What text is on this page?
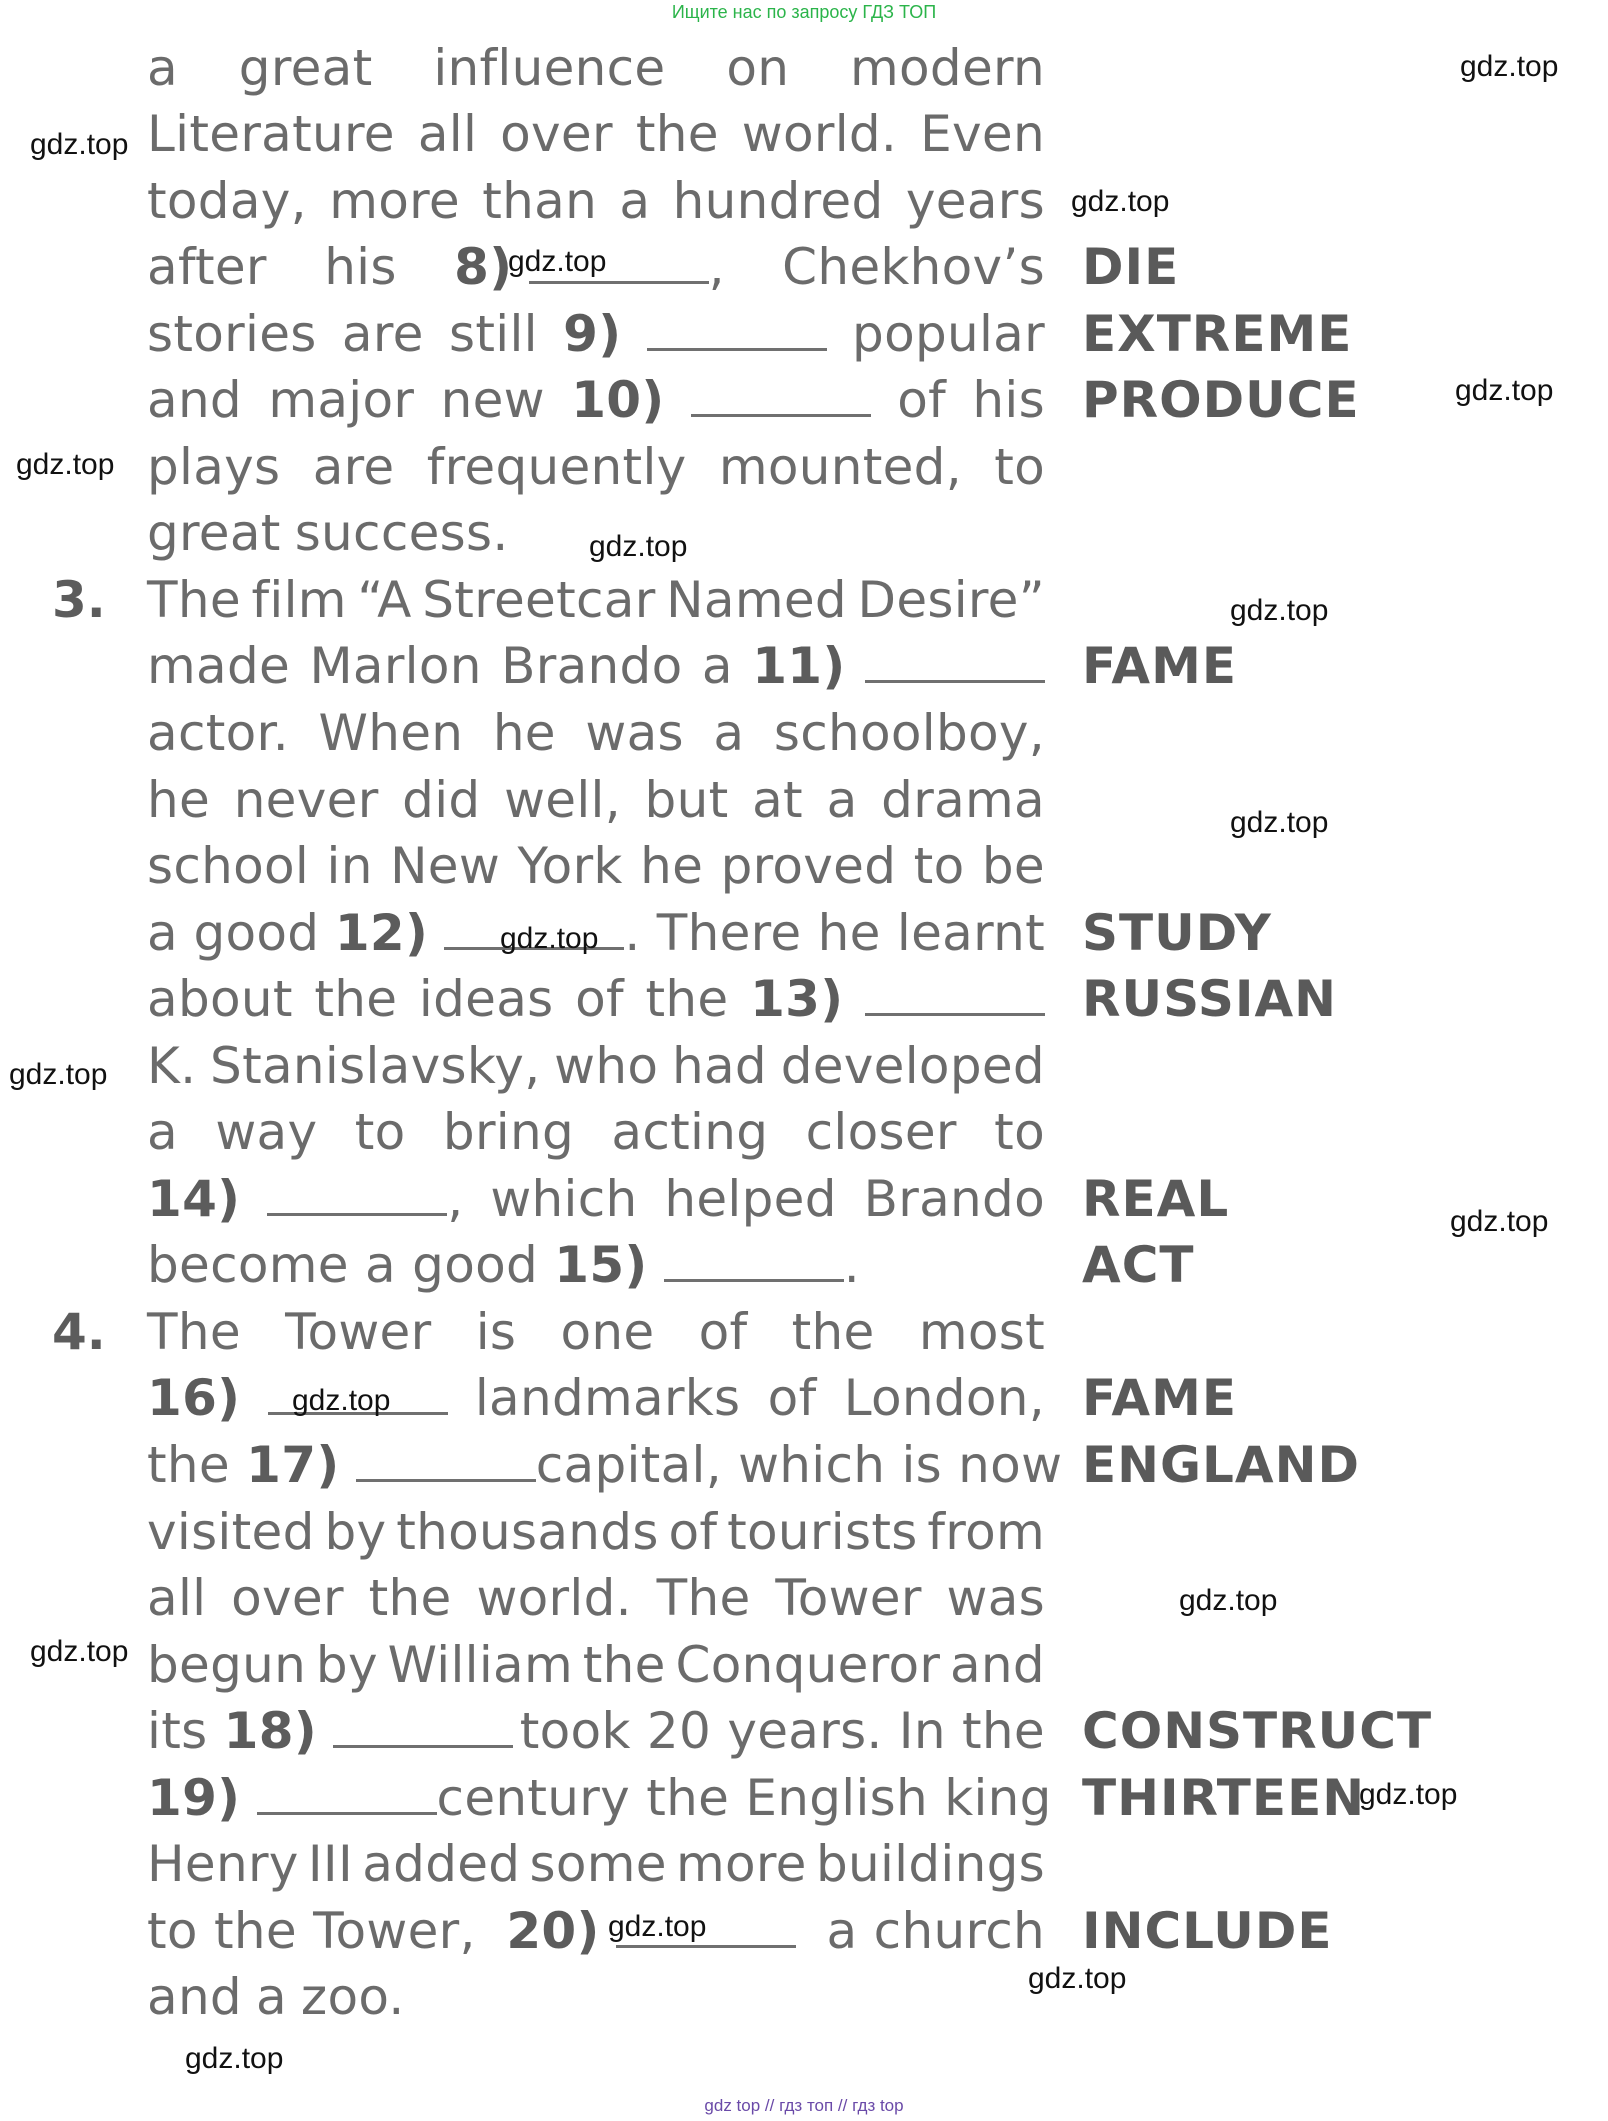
Ищите нас по запросу ГДЗ ТОП
a great influence on modern
Literature all over the world. Even
today, more than a hundred years
after his 8)	, Chekhov’s
stories are still 9)	popular
and major new 10)	of his
plays are frequently mounted, to
great success.
3. The film “A Streetcar Named Desire”
made Marlon Brando a 11)
actor. When he was a schoolboy,
he never did well, but at a drama
school in New York he proved to be
a good 12)	. There he learnt
about the ideas of the 13)
K. Stanislavsky, who had developed
a way to bring acting closer to
14)	, which helped Brando
become a good 15)	.
4. The Tower is one of the most
16)	landmarks of London,
the 17)	capital, which is now
visited by thousands of tourists from
all over the world. The Tower was
begun by William the Conqueror and
its 18)	took 20 years. In the
19)	century the English king
Henry III added some more buildings
to the Tower, 20)	a church
and a zoo.
DIE
EXTREME
PRODUCE
FAME
STUDY
RUSSIAN
REAL
ACT
FAME
ENGLAND
CONSTRUCT
THIRTEEN
INCLUDE
gdz.top
gdz.top
gdz.top
gdz.top
gdz.top
gdz.top
gdz.top
gdz.top
gdz.top
gdz.top
gdz.top
gdz.top
gdz.top
gdz.top
gdz.top
gdz.top
gdz.top
gdz.top
gdz.top
gdz top // гдз топ // гдз top
